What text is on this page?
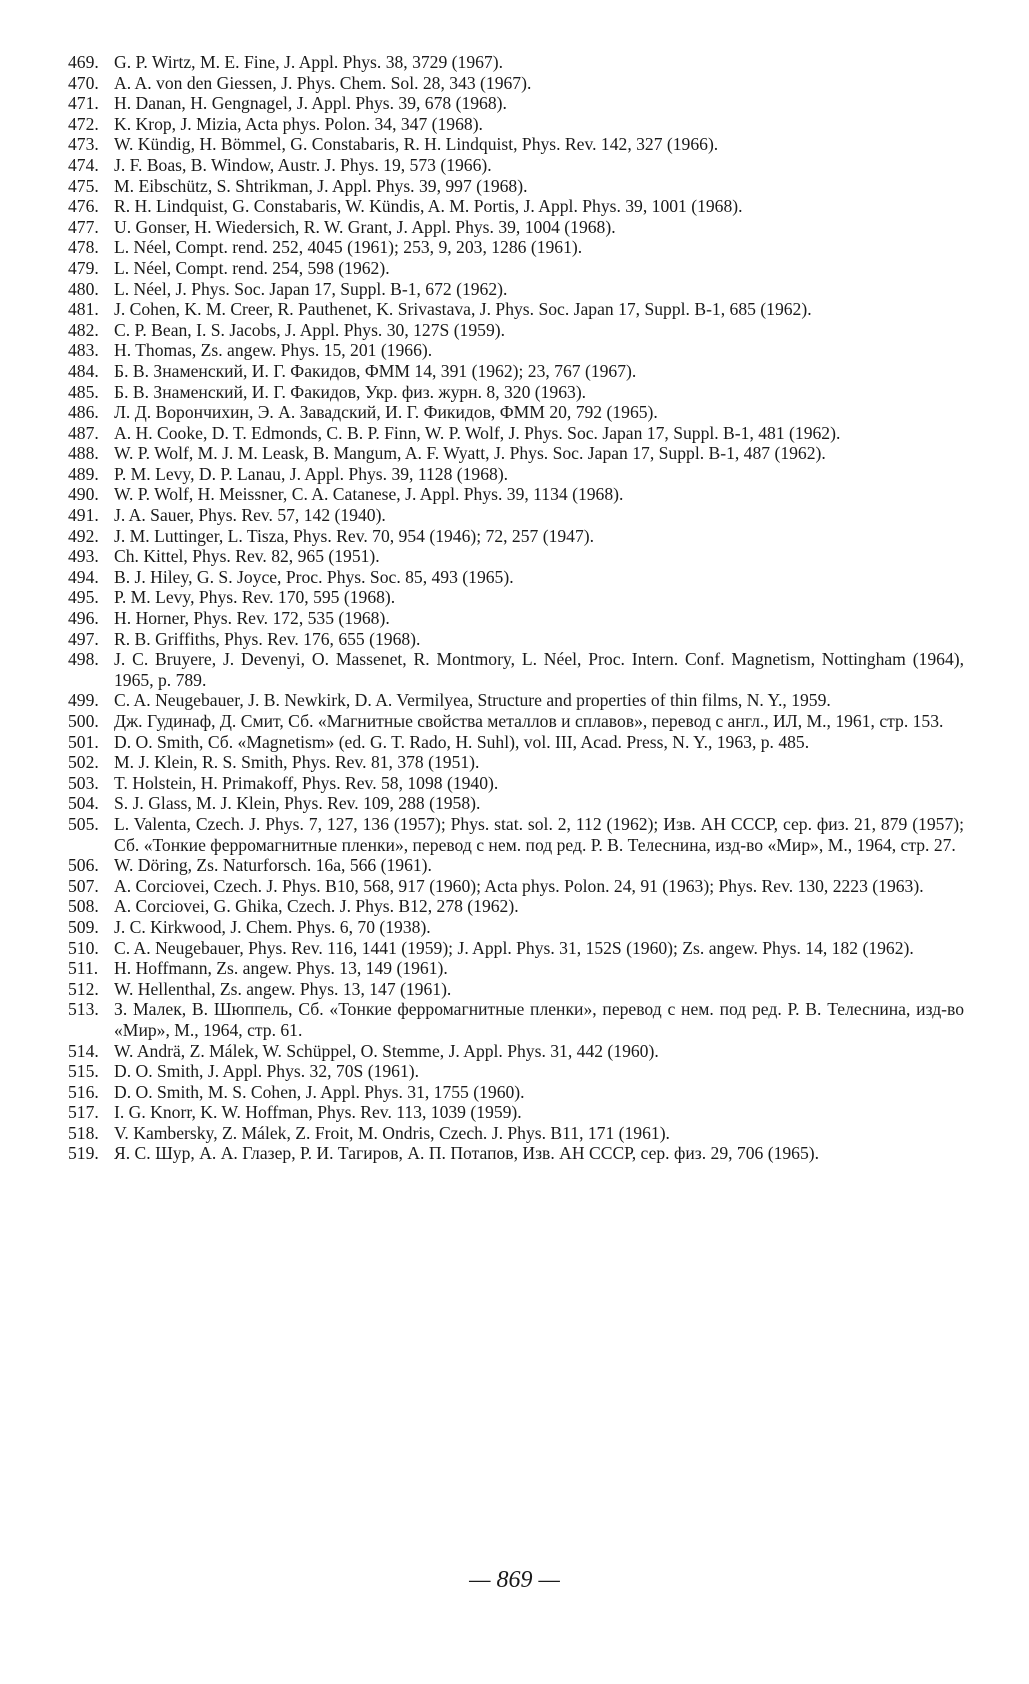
469. G. P. Wirtz, M. E. Fine, J. Appl. Phys. 38, 3729 (1967).
470. A. A. von den Giessen, J. Phys. Chem. Sol. 28, 343 (1967).
471. H. Danan, H. Gengnagel, J. Appl. Phys. 39, 678 (1968).
472. K. Krop, J. Mizia, Acta phys. Polon. 34, 347 (1968).
473. W. Kündig, H. Bömmel, G. Constabaris, R. H. Lindquist, Phys. Rev. 142, 327 (1966).
474. J. F. Boas, B. Window, Austr. J. Phys. 19, 573 (1966).
475. M. Eibschütz, S. Shtrikman, J. Appl. Phys. 39, 997 (1968).
476. R. H. Lindquist, G. Constabaris, W. Kündis, A. M. Portis, J. Appl. Phys. 39, 1001 (1968).
477. U. Gonser, H. Wiedersich, R. W. Grant, J. Appl. Phys. 39, 1004 (1968).
478. L. Néel, Compt. rend. 252, 4045 (1961); 253, 9, 203, 1286 (1961).
479. L. Néel, Compt. rend. 254, 598 (1962).
480. L. Néel, J. Phys. Soc. Japan 17, Suppl. B-1, 672 (1962).
481. J. Cohen, K. M. Creer, R. Pauthenet, K. Srivastava, J. Phys. Soc. Japan 17, Suppl. B-1, 685 (1962).
482. C. P. Bean, I. S. Jacobs, J. Appl. Phys. 30, 127S (1959).
483. H. Thomas, Zs. angew. Phys. 15, 201 (1966).
484. Б. В. Знаменский, И. Г. Факидов, ФММ 14, 391 (1962); 23, 767 (1967).
485. Б. В. Знаменский, И. Г. Факидов, Укр. физ. журн. 8, 320 (1963).
486. Л. Д. Ворончихин, Э. А. Завадский, И. Г. Фикидов, ФММ 20, 792 (1965).
487. A. H. Cooke, D. T. Edmonds, C. B. P. Finn, W. P. Wolf, J. Phys. Soc. Japan 17, Suppl. B-1, 481 (1962).
488. W. P. Wolf, M. J. M. Leask, B. Mangum, A. F. Wyatt, J. Phys. Soc. Japan 17, Suppl. B-1, 487 (1962).
489. P. M. Levy, D. P. Lanau, J. Appl. Phys. 39, 1128 (1968).
490. W. P. Wolf, H. Meissner, C. A. Catanese, J. Appl. Phys. 39, 1134 (1968).
491. J. A. Sauer, Phys. Rev. 57, 142 (1940).
492. J. M. Luttinger, L. Tisza, Phys. Rev. 70, 954 (1946); 72, 257 (1947).
493. Ch. Kittel, Phys. Rev. 82, 965 (1951).
494. B. J. Hiley, G. S. Joyce, Proc. Phys. Soc. 85, 493 (1965).
495. P. M. Levy, Phys. Rev. 170, 595 (1968).
496. H. Horner, Phys. Rev. 172, 535 (1968).
497. R. B. Griffiths, Phys. Rev. 176, 655 (1968).
498. J. C. Bruyere, J. Devenyi, O. Massenet, R. Montmory, L. Néel, Proc. Intern. Conf. Magnetism, Nottingham (1964), 1965, p. 789.
499. C. A. Neugebauer, J. B. Newkirk, D. A. Vermilyea, Structure and properties of thin films, N. Y., 1959.
500. Дж. Гудинаф, Д. Смит, Сб. «Магнитные свойства металлов и сплавов», перевод с англ., ИЛ, М., 1961, стр. 153.
501. D. O. Smith, Сб. «Magnetism» (ed. G. T. Rado, H. Suhl), vol. III, Acad. Press, N. Y., 1963, p. 485.
502. M. J. Klein, R. S. Smith, Phys. Rev. 81, 378 (1951).
503. T. Holstein, H. Primakoff, Phys. Rev. 58, 1098 (1940).
504. S. J. Glass, M. J. Klein, Phys. Rev. 109, 288 (1958).
505. L. Valenta, Czech. J. Phys. 7, 127, 136 (1957); Phys. stat. sol. 2, 112 (1962); Изв. АН СССР, сер. физ. 21, 879 (1957); Сб. «Тонкие ферромагнитные пленки», перевод с нем. под ред. Р. В. Телеснина, изд-во «Мир», М., 1964, стр. 27.
506. W. Döring, Zs. Naturforsch. 16a, 566 (1961).
507. A. Corciovei, Czech. J. Phys. B10, 568, 917 (1960); Acta phys. Polon. 24, 91 (1963); Phys. Rev. 130, 2223 (1963).
508. A. Corciovei, G. Ghika, Czech. J. Phys. B12, 278 (1962).
509. J. C. Kirkwood, J. Chem. Phys. 6, 70 (1938).
510. C. A. Neugebauer, Phys. Rev. 116, 1441 (1959); J. Appl. Phys. 31, 152S (1960); Zs. angew. Phys. 14, 182 (1962).
511. H. Hoffmann, Zs. angew. Phys. 13, 149 (1961).
512. W. Hellenthal, Zs. angew. Phys. 13, 147 (1961).
513. З. Малек, В. Шюппель, Сб. «Тонкие ферромагнитные пленки», перевод с нем. под ред. Р. В. Телеснина, изд-во «Мир», М., 1964, стр. 61.
514. W. Andrä, Z. Málek, W. Schüppel, O. Stemme, J. Appl. Phys. 31, 442 (1960).
515. D. O. Smith, J. Appl. Phys. 32, 70S (1961).
516. D. O. Smith, M. S. Cohen, J. Appl. Phys. 31, 1755 (1960).
517. I. G. Knorr, K. W. Hoffman, Phys. Rev. 113, 1039 (1959).
518. V. Kambersky, Z. Málek, Z. Froit, M. Ondris, Czech. J. Phys. B11, 171 (1961).
519. Я. С. Шур, А. А. Глазер, Р. И. Тагиров, А. П. Потапов, Изв. АН СССР, сер. физ. 29, 706 (1965).
— 869 —
